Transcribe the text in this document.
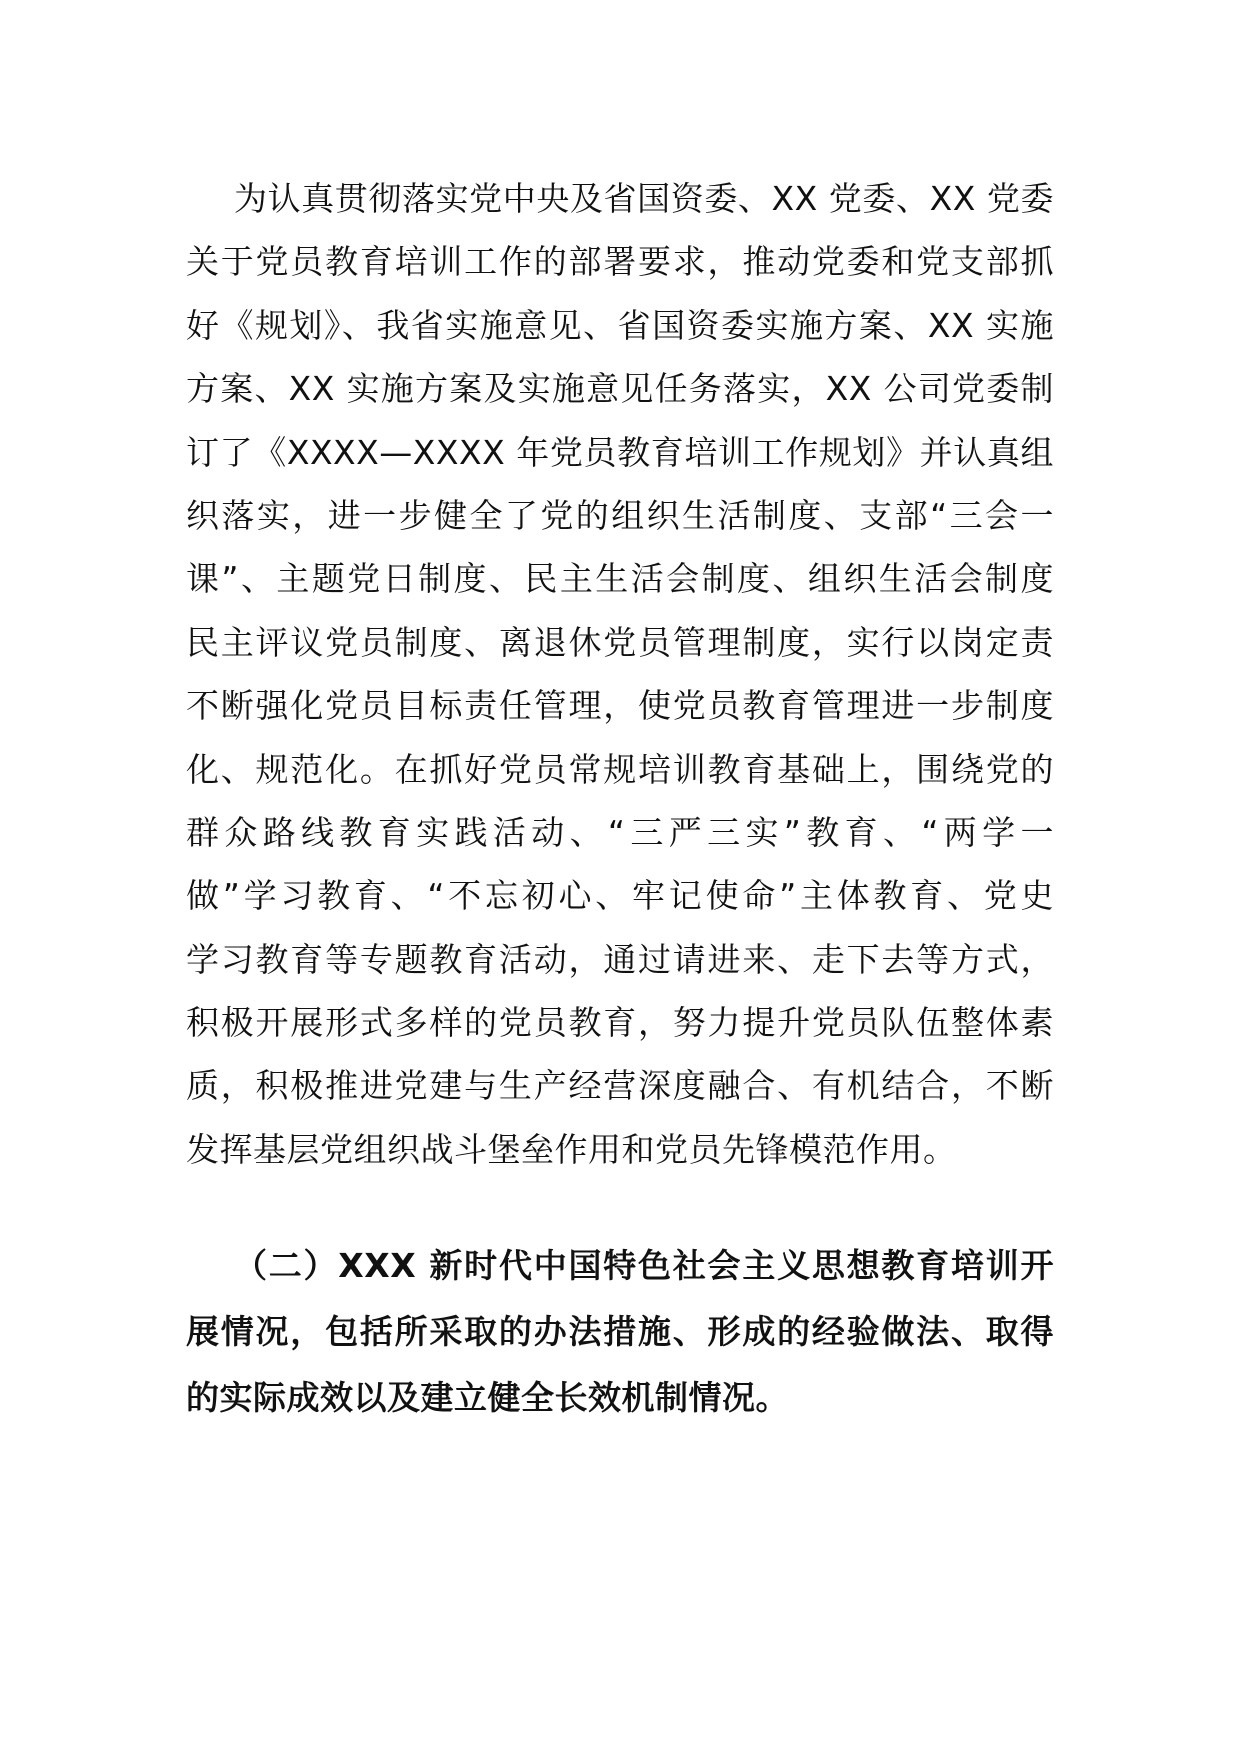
为认真贯彻落实党中央及省国资委、XX 党委、XX 党委
关于党员教育培训工作的部署要求，推动党委和党支部抓
好《规划》、我省实施意见、省国资委实施方案、XX 实施
方案、XX 实施方案及实施意见任务落实，XX 公司党委制
订了《XXXX—XXXX 年党员教育培训工作规划》并认真组
织落实，进一步健全了党的组织生活制度、支部“三会一
课”、主题党日制度、民主生活会制度、组织生活会制度
民主评议党员制度、离退休党员管理制度，实行以岗定责
不断强化党员目标责任管理，使党员教育管理进一步制度
化、规范化。在抓好党员常规培训教育基础上，围绕党的
群众路线教育实践活动、“三严三实”教育、“两学一
做”学习教育、“不忘初心、牢记使命”主体教育、党史
学习教育等专题教育活动，通过请进来、走下去等方式，
积极开展形式多样的党员教育，努力提升党员队伍整体素
质，积极推进党建与生产经营深度融合、有机结合，不断
发挥基层党组织战斗堡垒作用和党员先锋模范作用。
（二）XXX 新时代中国特色社会主义思想教育培训开
展情况，包括所采取的办法措施、形成的经验做法、取得
的实际成效以及建立健全长效机制情况。
